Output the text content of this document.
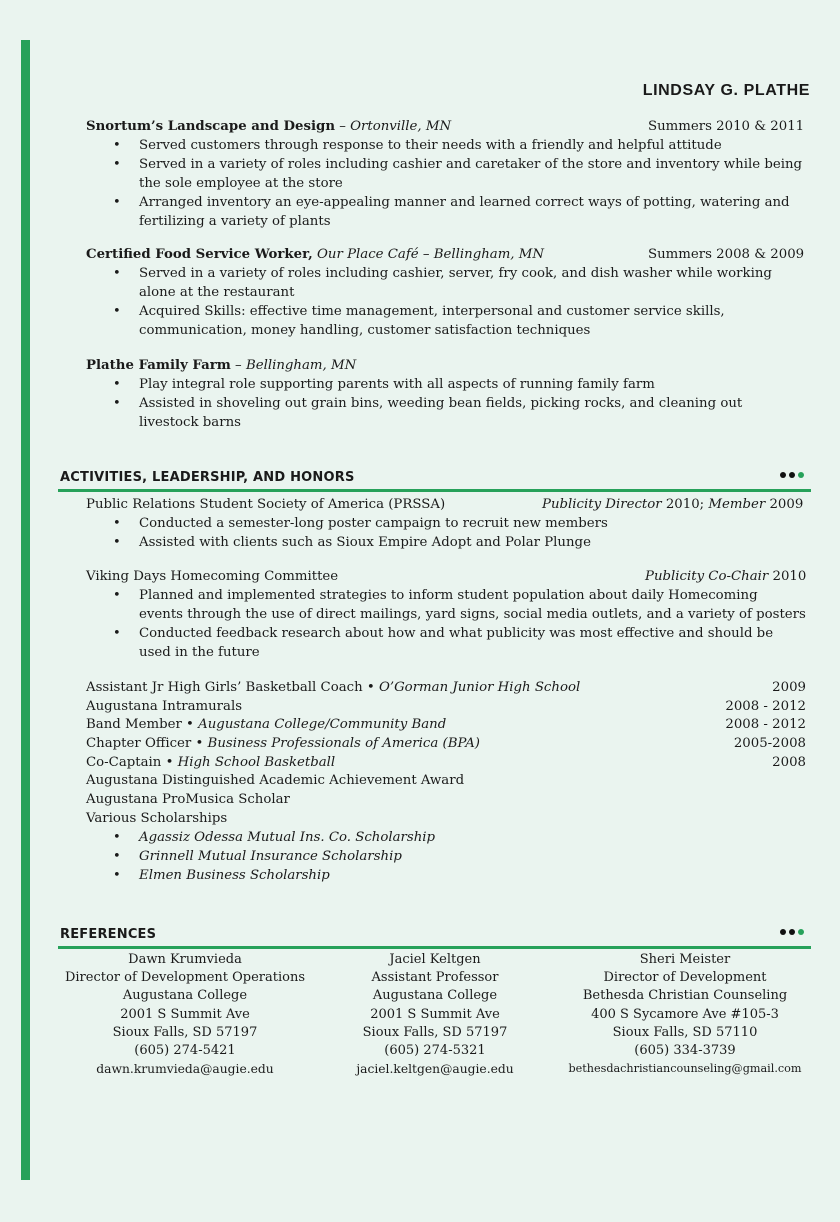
LINDSAY G. PLATHE
Snortum’s Landscape and Design – Ortonville, MN	Summers 2010 & 2011
• Served customers through response to their needs with a friendly and helpful attitude
• Served in a variety of roles including cashier and caretaker of the store and inventory while being
the sole employee at the store
• Arranged inventory an eye-appealing manner and learned correct ways of potting, watering and
fertilizing a variety of plants
Certified Food Service Worker, Our Place Café – Bellingham, MN	Summers 2008 & 2009
• Served in a variety of roles including cashier, server, fry cook, and dish washer while working
alone at the restaurant
• Acquired Skills: effective time management, interpersonal and customer service skills,
communication, money handling, customer satisfaction techniques
Plathe Family Farm – Bellingham, MN
• Play integral role supporting parents with all aspects of running family farm
• Assisted in shoveling out grain bins, weeding bean fields, picking rocks, and cleaning out
livestock barns
ACTIVITIES, LEADERSHIP, AND HONORS
Public Relations Student Society of America (PRSSA)	Publicity Director 2010; Member 2009
• Conducted a semester-long poster campaign to recruit new members
• Assisted with clients such as Sioux Empire Adopt and Polar Plunge
Viking Days Homecoming Committee	Publicity Co-Chair 2010
• Planned and implemented strategies to inform student population about daily Homecoming
events through the use of direct mailings, yard signs, social media outlets, and a variety of posters
• Conducted feedback research about how and what publicity was most effective and should be
used in the future
Assistant Jr High Girls’ Basketball Coach • O’Gorman Junior High School	2009
Augustana Intramurals	2008 - 2012
Band Member • Augustana College/Community Band	2008 - 2012
Chapter Officer • Business Professionals of America (BPA)	2005-2008
Co-Captain • High School Basketball	2008
Augustana Distinguished Academic Achievement Award
Augustana ProMusica Scholar
Various Scholarships
• Agassiz Odessa Mutual Ins. Co. Scholarship
• Grinnell Mutual Insurance Scholarship
• Elmen Business Scholarship
REFERENCES
Dawn Krumvieda
Director of Development Operations
Augustana College
2001 S Summit Ave
Sioux Falls, SD 57197
(605) 274-5421
dawn.krumvieda@augie.edu
Jaciel Keltgen
Assistant Professor
Augustana College
2001 S Summit Ave
Sioux Falls, SD 57197
(605) 274-5321
jaciel.keltgen@augie.edu
Sheri Meister
Director of Development
Bethesda Christian Counseling
400 S Sycamore Ave #105-3
Sioux Falls, SD 57110
(605) 334-3739
bethesdachristiancounseling@gmail.com
